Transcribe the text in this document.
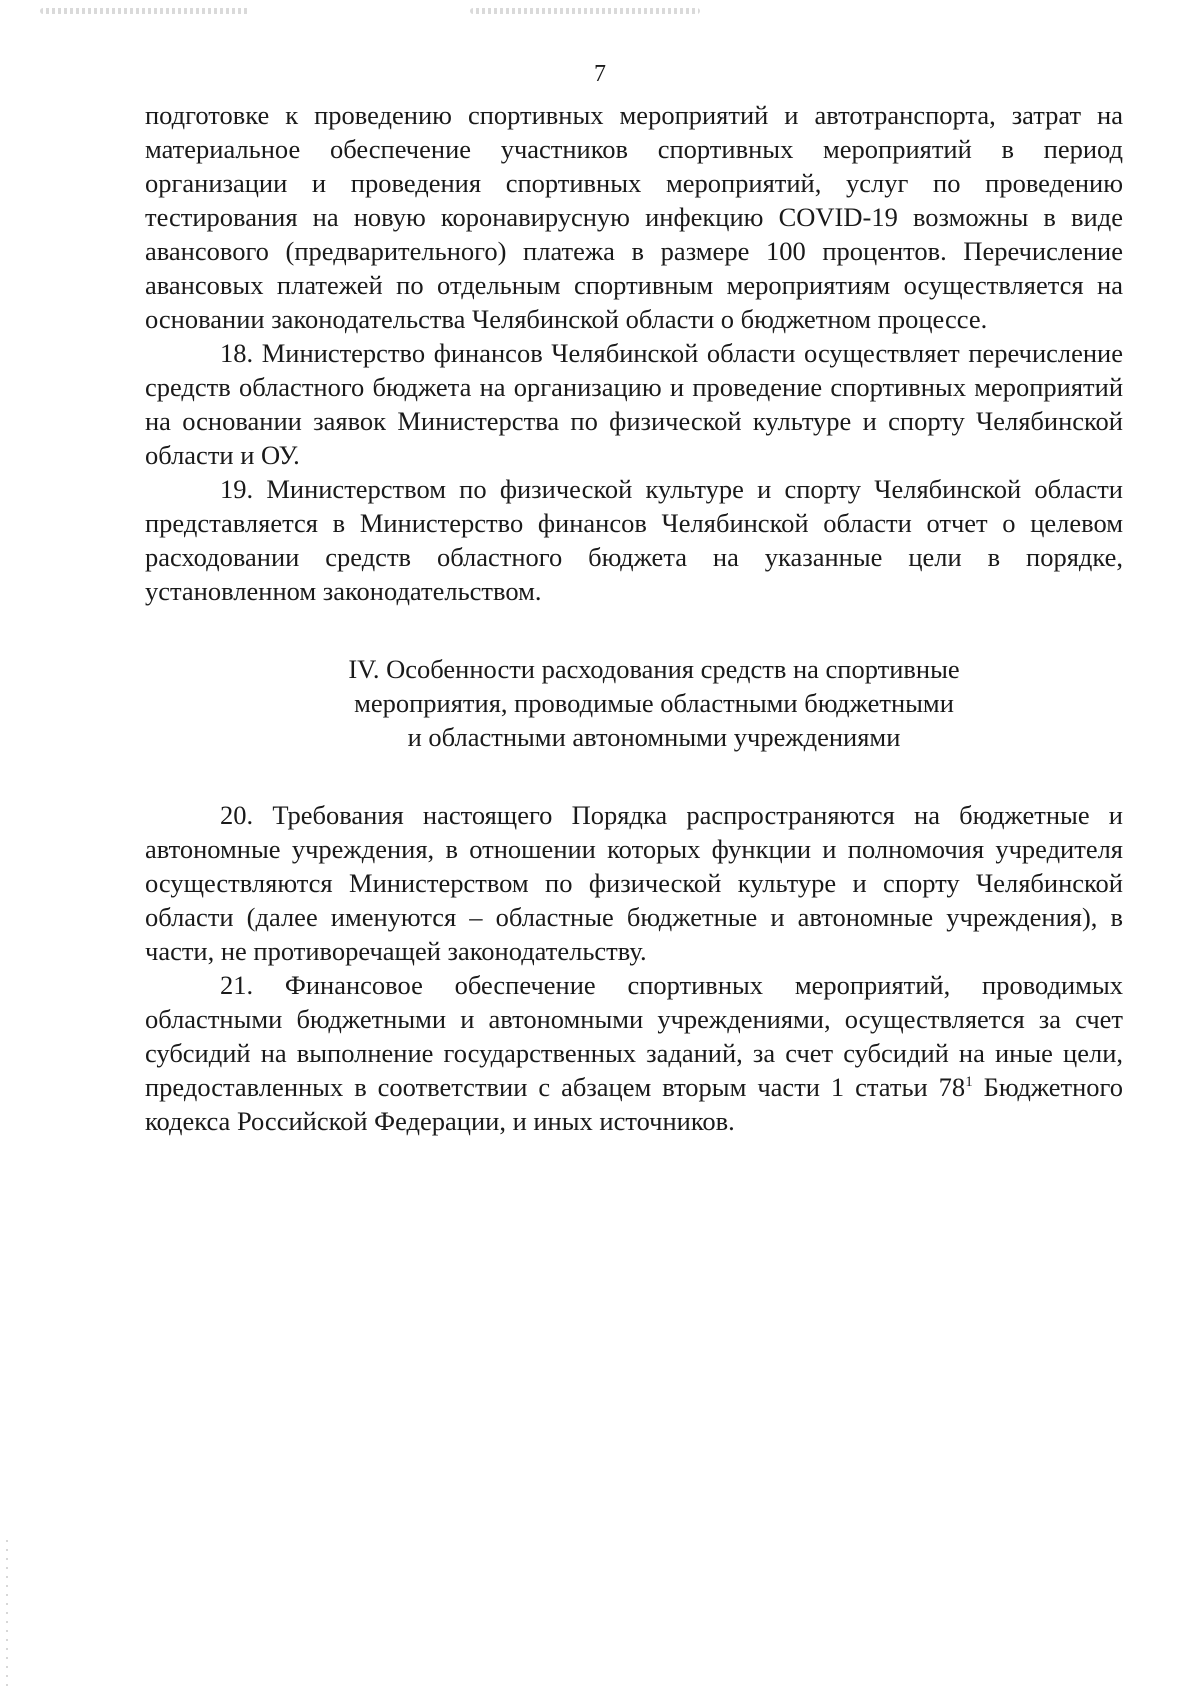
7

подготовке к проведению спортивных мероприятий и автотранспорта, затрат на материальное обеспечение участников спортивных мероприятий в период организации и проведения спортивных мероприятий, услуг по проведению тестирования на новую коронавирусную инфекцию COVID-19 возможны в виде авансового (предварительного) платежа в размере 100 процентов. Перечисление авансовых платежей по отдельным спортивным мероприятиям осуществляется на основании законодательства Челябинской области о бюджетном процессе.

18. Министерство финансов Челябинской области осуществляет перечисление средств областного бюджета на организацию и проведение спортивных мероприятий на основании заявок Министерства по физической культуре и спорту Челябинской области и ОУ.

19. Министерством по физической культуре и спорту Челябинской области представляется в Министерство финансов Челябинской области отчет о целевом расходовании средств областного бюджета на указанные цели в порядке, установленном законодательством.

IV. Особенности расходования средств на спортивные
мероприятия, проводимые областными бюджетными
и областными автономными учреждениями

20. Требования настоящего Порядка распространяются на бюджетные и автономные учреждения, в отношении которых функции и полномочия учредителя осуществляются Министерством по физической культуре и спорту Челябинской области (далее именуются – областные бюджетные и автономные учреждения), в части, не противоречащей законодательству.

21. Финансовое обеспечение спортивных мероприятий, проводимых областными бюджетными и автономными учреждениями, осуществляется за счет субсидий на выполнение государственных заданий, за счет субсидий на иные цели, предоставленных в соответствии с абзацем вторым части 1 статьи $78^1$ Бюджетного кодекса Российской Федерации, и иных источников.
